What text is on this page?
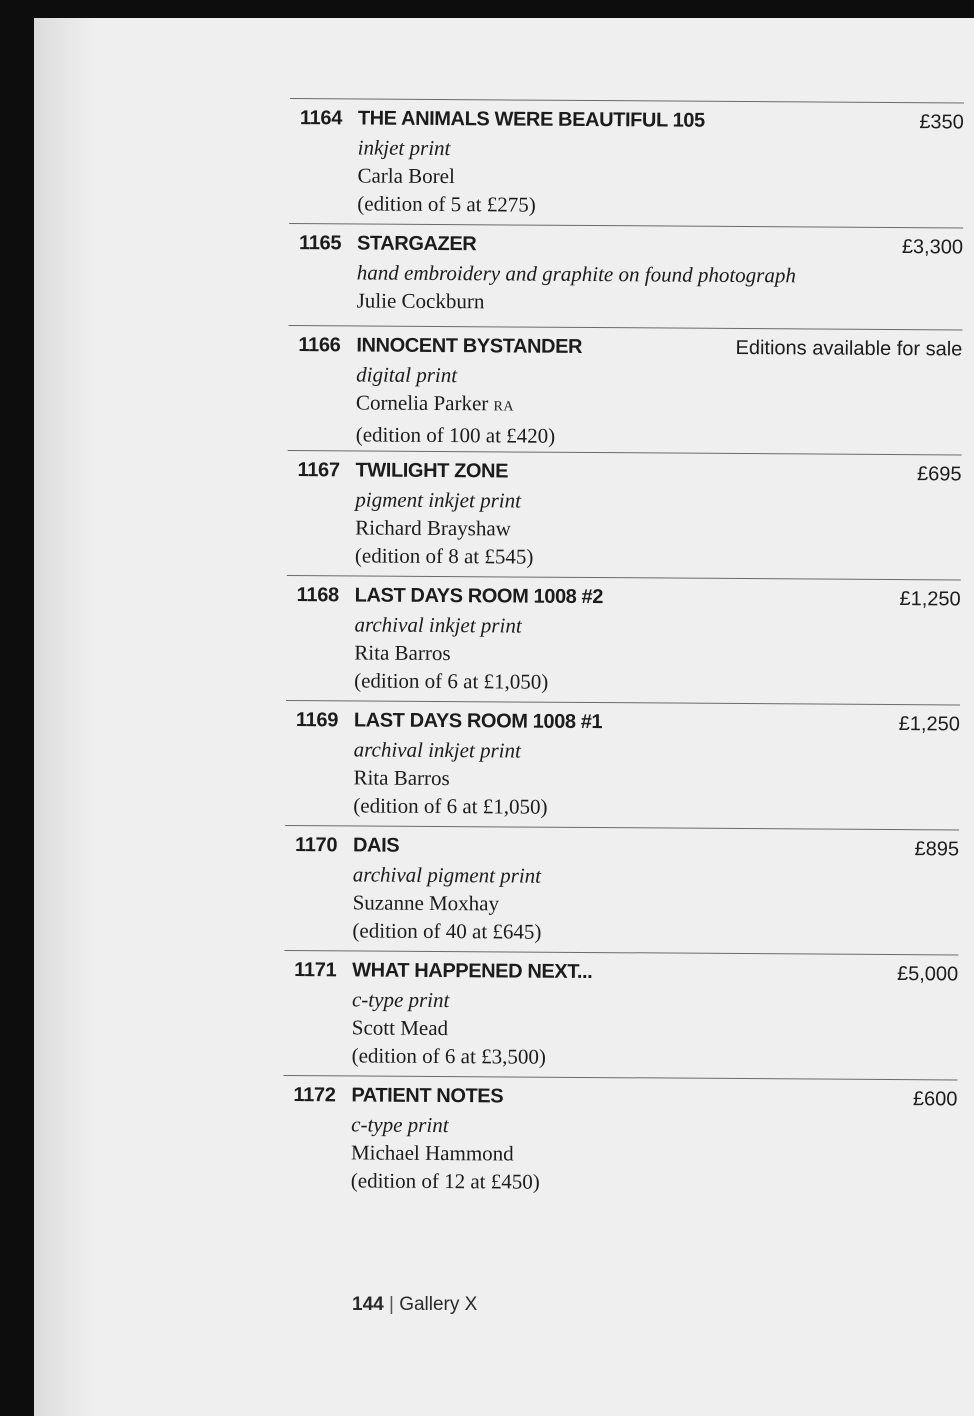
1164 THE ANIMALS WERE BEAUTIFUL 105	£350
inkjet print
Carla Borel
(edition of 5 at £275)
1165 STARGAZER	£3,300
hand embroidery and graphite on found photograph
Julie Cockburn
1166 INNOCENT BYSTANDER	Editions available for sale
digital print
Cornelia Parker RA
(edition of 100 at £420)
1167 TWILIGHT ZONE	£695
pigment inkjet print
Richard Brayshaw
(edition of 8 at £545)
1168 LAST DAYS ROOM 1008 #2	£1,250
archival inkjet print
Rita Barros
(edition of 6 at £1,050)
1169 LAST DAYS ROOM 1008 #1	£1,250
archival inkjet print
Rita Barros
(edition of 6 at £1,050)
1170 DAIS	£895
archival pigment print
Suzanne Moxhay
(edition of 40 at £645)
1171 WHAT HAPPENED NEXT...	£5,000
c-type print
Scott Mead
(edition of 6 at £3,500)
1172 PATIENT NOTES	£600
c-type print
Michael Hammond
(edition of 12 at £450)
144 | Gallery X
